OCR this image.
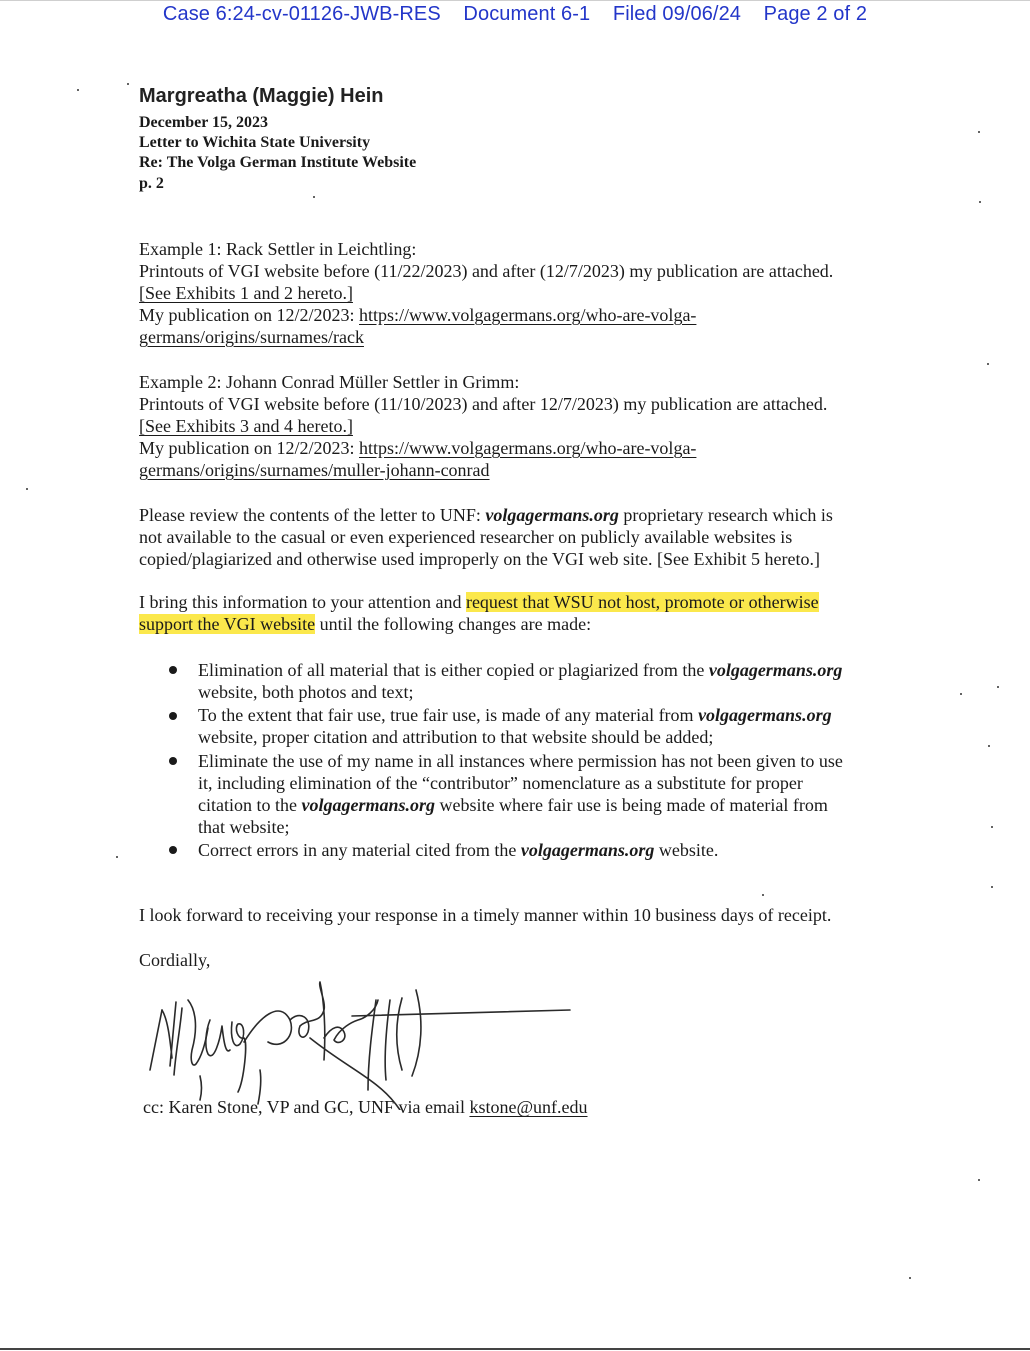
Case 6:24-cv-01126-JWB-RES    Document 6-1    Filed 09/06/24    Page 2 of 2
Margreatha (Maggie) Hein
December 15, 2023
Letter to Wichita State University
Re: The Volga German Institute Website
p. 2
Example 1: Rack Settler in Leichtling:
Printouts of VGI website before (11/22/2023) and after (12/7/2023) my publication are attached.
[See Exhibits 1 and 2 hereto.]
My publication on 12/2/2023: https://www.volgagermans.org/who-are-volga-
germans/origins/surnames/rack
Example 2: Johann Conrad Müller Settler in Grimm:
Printouts of VGI website before (11/10/2023) and after 12/7/2023) my publication are attached.
[See Exhibits 3 and 4 hereto.]
My publication on 12/2/2023: https://www.volgagermans.org/who-are-volga-
germans/origins/surnames/muller-johann-conrad
Please review the contents of the letter to UNF: volgagermans.org proprietary research which is
not available to the casual or even experienced researcher on publicly available websites is
copied/plagiarized and otherwise used improperly on the VGI web site. [See Exhibit 5 hereto.]
I bring this information to your attention and request that WSU not host, promote or otherwise
support the VGI website until the following changes are made:
Elimination of all material that is either copied or plagiarized from the volgagermans.org
website, both photos and text;
To the extent that fair use, true fair use, is made of any material from volgagermans.org
website, proper citation and attribution to that website should be added;
Eliminate the use of my name in all instances where permission has not been given to use
it, including elimination of the “contributor” nomenclature as a substitute for proper
citation to the volgagermans.org website where fair use is being made of material from
that website;
Correct errors in any material cited from the volgagermans.org website.
I look forward to receiving your response in a timely manner within 10 business days of receipt.
Cordially,
cc: Karen Stone, VP and GC, UNF via email kstone@unf.edu
